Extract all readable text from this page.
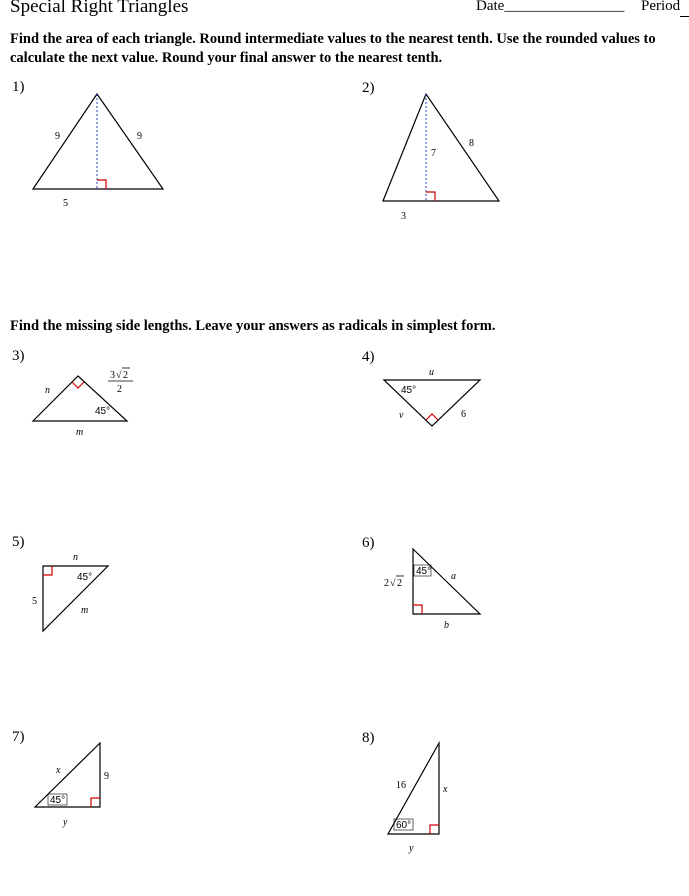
Special Right Triangles	Date________________ Period
Find the area of each triangle. Round intermediate values to the nearest tenth. Use the rounded values to calculate the next value. Round your final answer to the nearest tenth.
1)	2)
Find the missing side lengths. Leave your answers as radicals in simplest form.
3)	4)
5)	6)
7)	8)
9	9
5
7
8
3
3 √ 2
2
n
45°
m
u
45°
v	6
n
45°
5
m
45°
2 √ 2
a
b
45°
x
9
y	60°
16	x
y
